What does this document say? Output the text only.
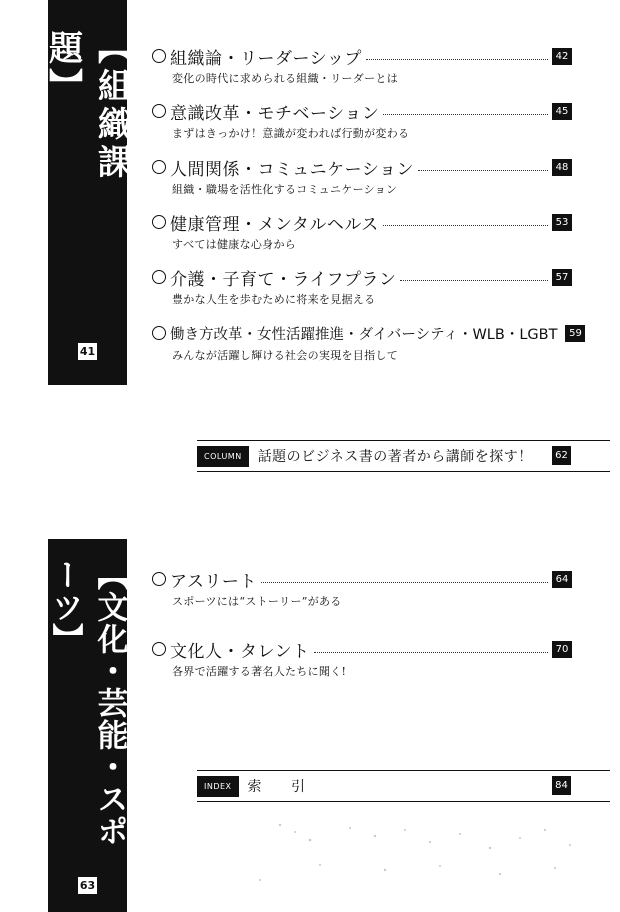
【組織課題】
41
組織論・リーダーシップ	42
変化の時代に求められる組織・リーダーとは
意識改革・モチベーション	45
まずはきっかけ！意識が変われば行動が変わる
人間関係・コミュニケーション	48
組織・職場を活性化するコミュニケーション
健康管理・メンタルヘルス	53
すべては健康な心身から
介護・子育て・ライフプラン	57
豊かな人生を歩むために将来を見据える
働き方改革・女性活躍推進・ダイバーシティ・WLB・LGBT	59
みんなが活躍し輝ける社会の実現を目指して
COLUMN	話題のビジネス書の著者から講師を探す！	62
【文化・芸能・スポーツ】
63
アスリート	64
スポーツには“ストーリー”がある
文化人・タレント	70
各界で活躍する著名人たちに聞く!
INDEX	索　　引	84
